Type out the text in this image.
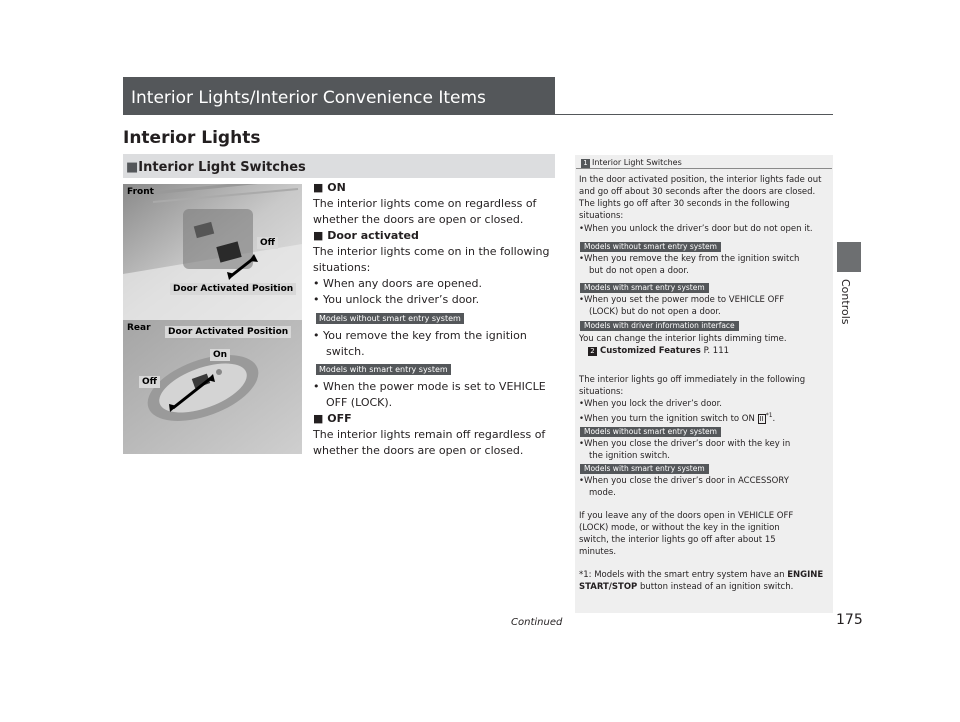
Interior Lights/Interior Convenience Items
Interior Lights
Controls
■Interior Light Switches
Front
Off
Door Activated Position
Rear	Door Activated Position
On
Off
■ ON
The interior lights come on regardless of
whether the doors are open or closed.
■ Door activated
The interior lights come on in the following
situations:
• When any doors are opened.
• You unlock the driver’s door.
Models without smart entry system
• You remove the key from the ignition
switch.
Models with smart entry system
• When the power mode is set to VEHICLE
OFF (LOCK).
■ OFF
The interior lights remain off regardless of
whether the doors are open or closed.
1 Interior Light Switches
In the door activated position, the interior lights fade out
and go off about 30 seconds after the doors are closed.
The lights go off after 30 seconds in the following
situations:
•When you unlock the driver’s door but do not open it.
Models without smart entry system
•When you remove the key from the ignition switch
but do not open a door.
Models with smart entry system
•When you set the power mode to VEHICLE OFF
(LOCK) but do not open a door.
Models with driver information interface
You can change the interior lights dimming time.
2 Customized Features P. 111
The interior lights go off immediately in the following
situations:
•When you lock the driver’s door.
•When you turn the ignition switch to ON II $^{*1}$.
Models without smart entry system
•When you close the driver’s door with the key in
the ignition switch.
Models with smart entry system
•When you close the driver’s door in ACCESSORY
mode.
If you leave any of the doors open in VEHICLE OFF
(LOCK) mode, or without the key in the ignition
switch, the interior lights go off after about 15
minutes.
*1: Models with the smart entry system have an ENGINE
START/STOP button instead of an ignition switch.
Continued	175
